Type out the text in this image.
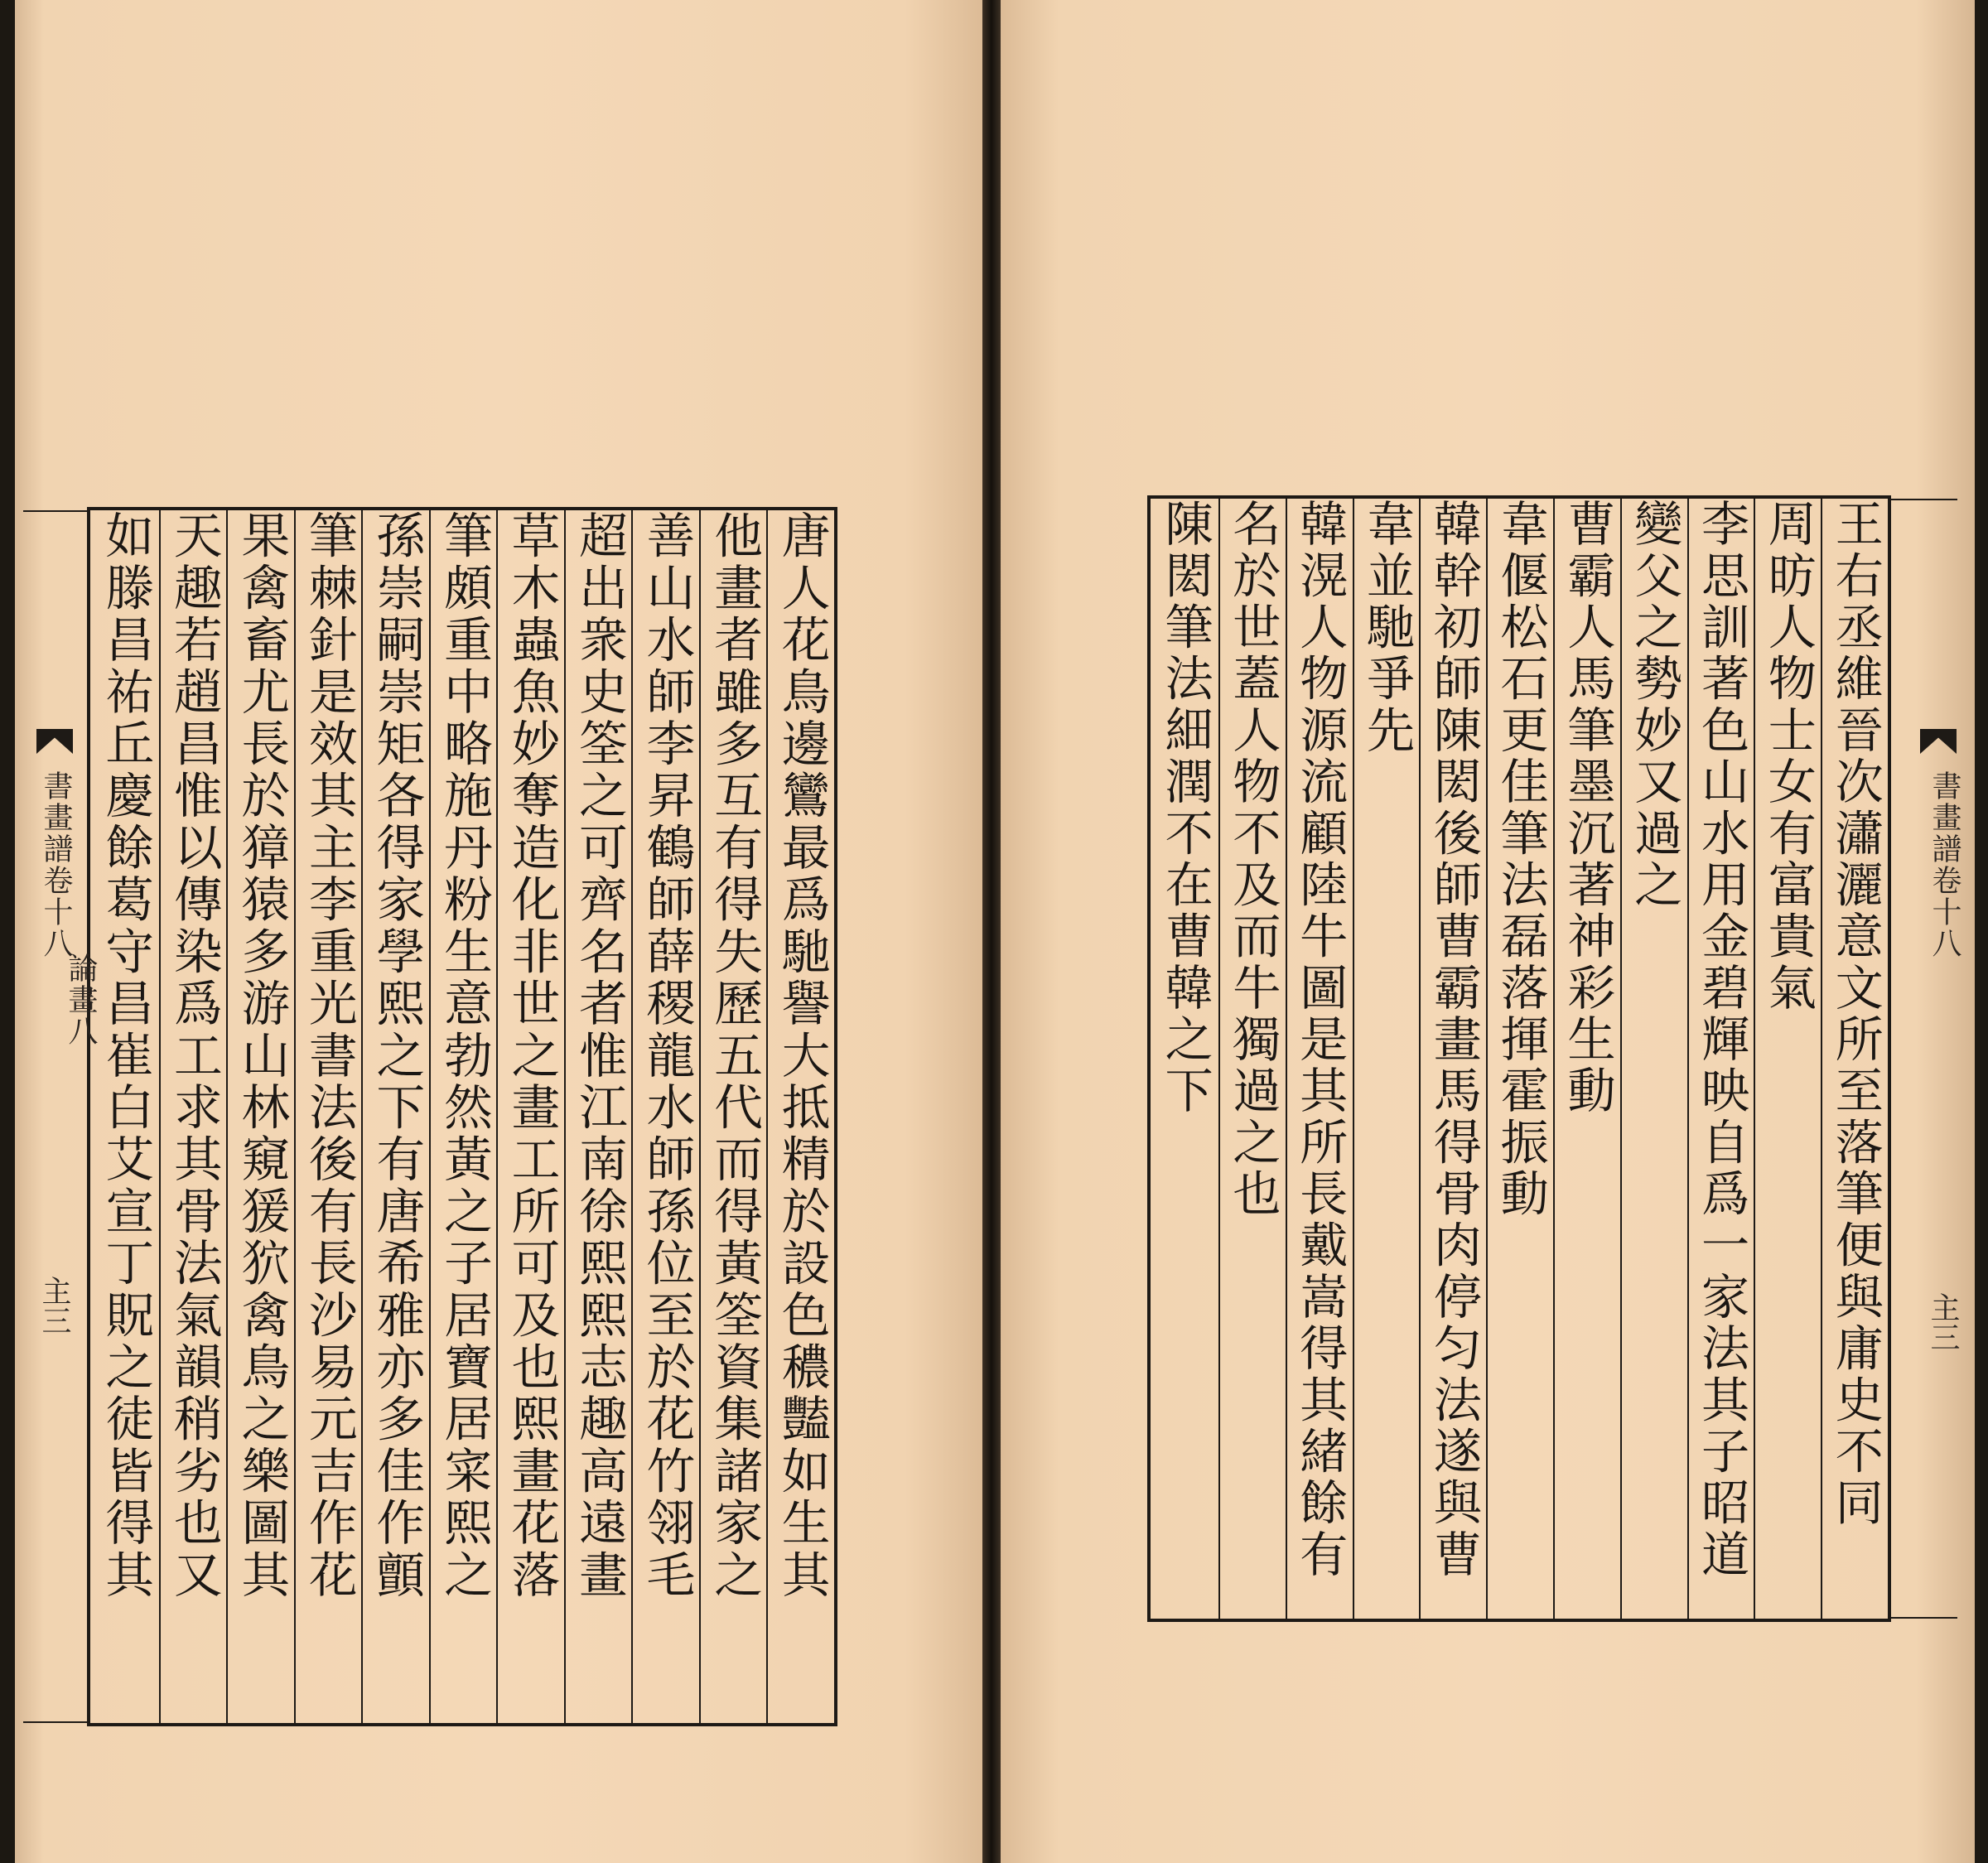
唐人花鳥邊鸞最爲馳譽大抵精於設色穠豔如生其
他畫者雖多互有得失歷五代而得黃筌資集諸家之
善山水師李昇鶴師薛稷龍水師孫位至於花竹翎毛
超出衆史筌之可齊名者惟江南徐熙熙志趣高遠畫
草木蟲魚妙奪造化非世之畫工所可及也熙畫花落
筆頗重中略施丹粉生意勃然黃之子居寶居寀熙之
孫崇嗣崇矩各得家學熙之下有唐希雅亦多佳作顫
筆棘針是效其主李重光書法後有長沙易元吉作花
果禽畜尤長於獐猿多游山林窺猨狖禽鳥之樂圖其
天趣若趙昌惟以傳染爲工求其骨法氣韻稍劣也又
如滕昌祐丘慶餘葛守昌崔白艾宣丁貺之徒皆得其
書畫譜卷十八
論畫八
主三	王右丞維晉次瀟灑意文所至落筆便與庸史不同
周昉人物士女有富貴氣
李思訓著色山水用金碧輝映自爲一家法其子昭道
變父之勢妙又過之
曹霸人馬筆墨沉著神彩生動
韋偃松石更佳筆法磊落揮霍振動
韓幹初師陳閎後師曹霸畫馬得骨肉停匀法遂與曹
韋並馳爭先
韓滉人物源流顧陸牛圖是其所長戴嵩得其緒餘有
名於世蓋人物不及而牛獨過之也
陳閎筆法細潤不在曹韓之下	書畫譜卷十八
主三
